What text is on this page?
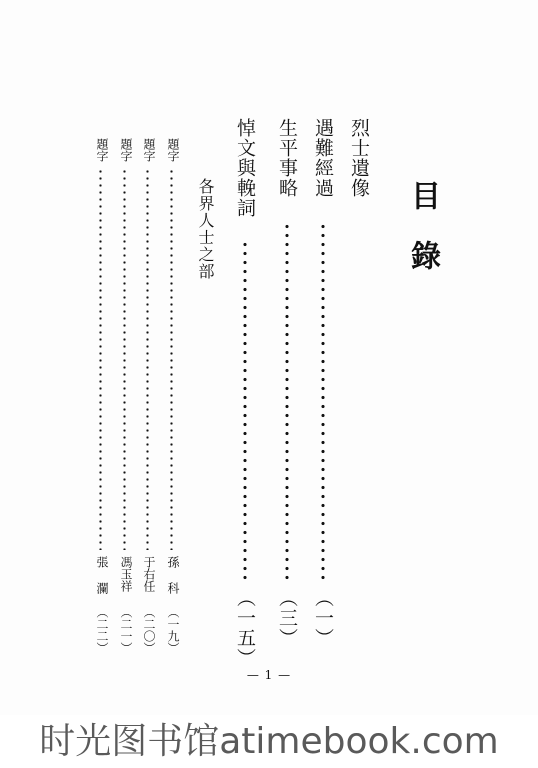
目錄
烈士遺像
遇難經過
（一）
生平事略
（三）
悼文與輓詞
（一五）
各界人士之部
題字
孫 科
（一九）
題字
于右任
（二〇）
題字
馮玉祥
（二一）
題字
張 瀾
（二二）
— 1 —
时光图书馆atimebook.com
